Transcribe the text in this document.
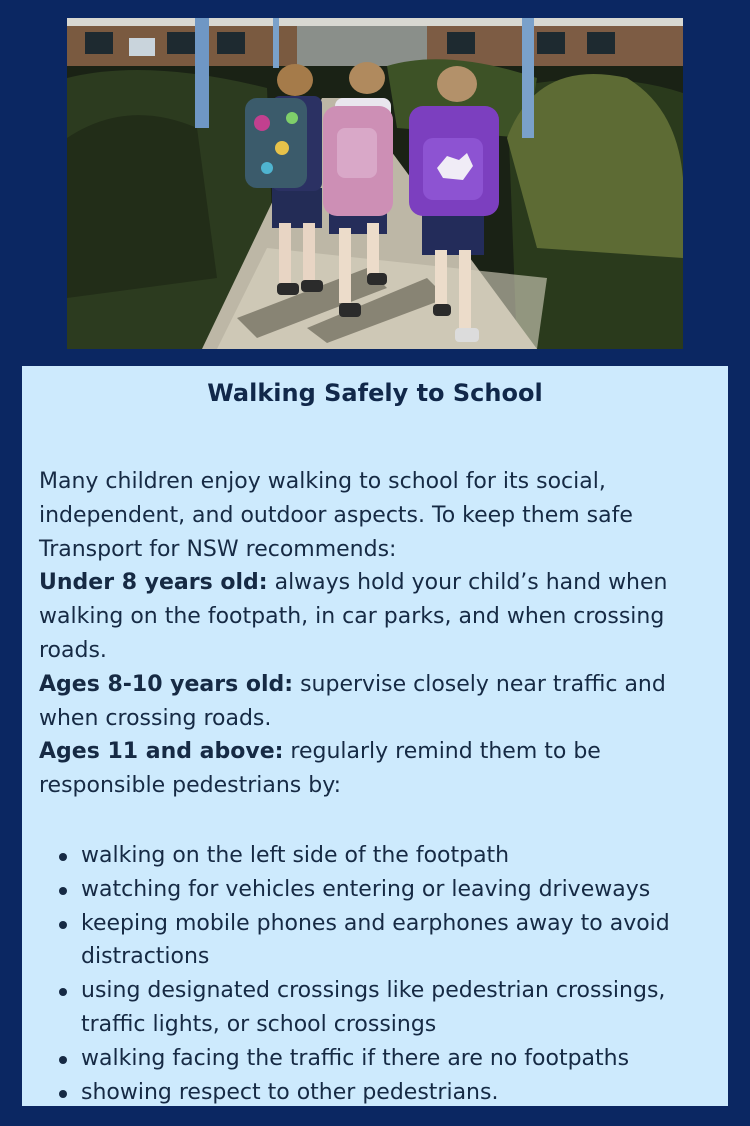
Walking Safely to School

Many children enjoy walking to school for its social, independent, and outdoor aspects. To keep them safe Transport for NSW recommends:

Under 8 years old: always hold your child’s hand when walking on the footpath, in car parks, and when crossing roads.

Ages 8-10 years old: supervise closely near traffic and when crossing roads.

Ages 11 and above: regularly remind them to be responsible pedestrians by:

walking on the left side of the footpath
watching for vehicles entering or leaving driveways
keeping mobile phones and earphones away to avoid distractions
using designated crossings like pedestrian crossings, traffic lights, or school crossings
walking facing the traffic if there are no footpaths
showing respect to other pedestrians.
